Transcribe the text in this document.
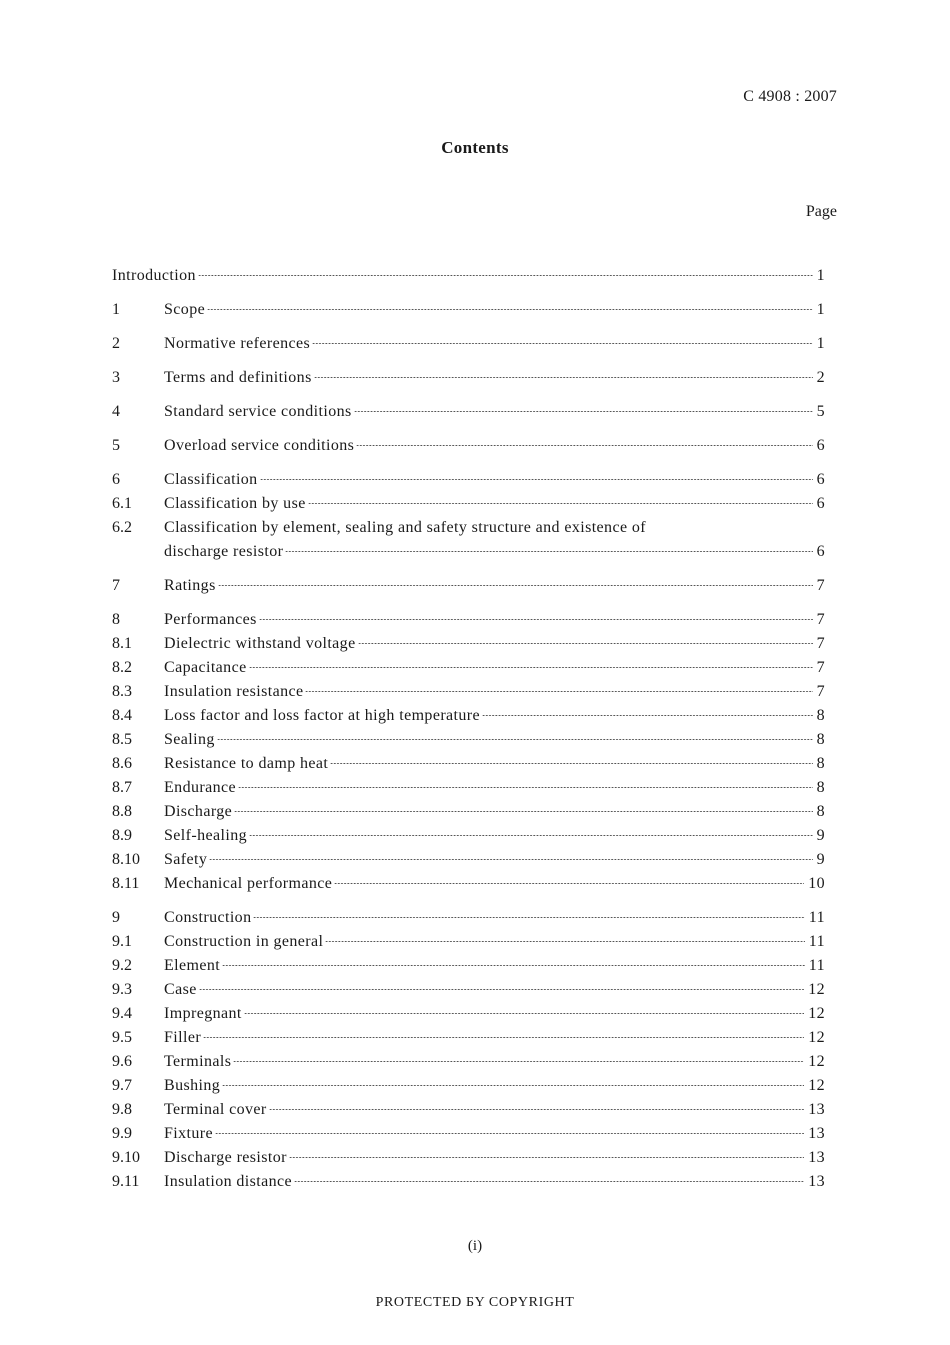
C 4908 : 2007
Contents
Page
Introduction	1
1	Scope	1
2	Normative references	1
3	Terms and definitions	2
4	Standard service conditions	5
5	Overload service conditions	6
6	Classification	6
6.1	Classification by use	6
6.2	Classification by element, sealing and safety structure and existence of
discharge resistor	6
7	Ratings	7
8	Performances	7
8.1	Dielectric withstand voltage	7
8.2	Capacitance	7
8.3	Insulation resistance	7
8.4	Loss factor and loss factor at high temperature	8
8.5	Sealing	8
8.6	Resistance to damp heat	8
8.7	Endurance	8
8.8	Discharge	8
8.9	Self-healing	9
8.10	Safety	9
8.11	Mechanical performance	10
9	Construction	11
9.1	Construction in general	11
9.2	Element	11
9.3	Case	12
9.4	Impregnant	12
9.5	Filler	12
9.6	Terminals	12
9.7	Bushing	12
9.8	Terminal cover	13
9.9	Fixture	13
9.10	Discharge resistor	13
9.11	Insulation distance	13
(i)
PROTECTED БY COPYRIGHT
